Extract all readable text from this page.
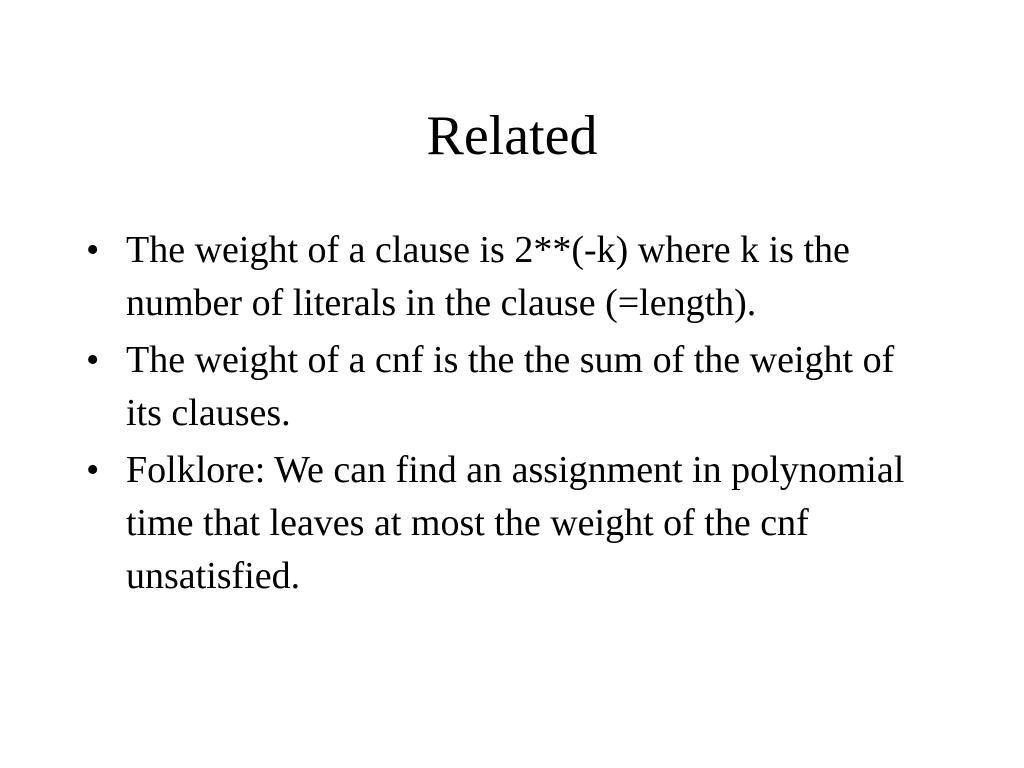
Related
• The weight of a clause is 2**(-k) where k is the number of literals in the clause (=length).
• The weight of a cnf is the the sum of the weight of its clauses.
• Folklore: We can find an assignment in polynomial time that leaves at most the weight of the cnf unsatisfied.
